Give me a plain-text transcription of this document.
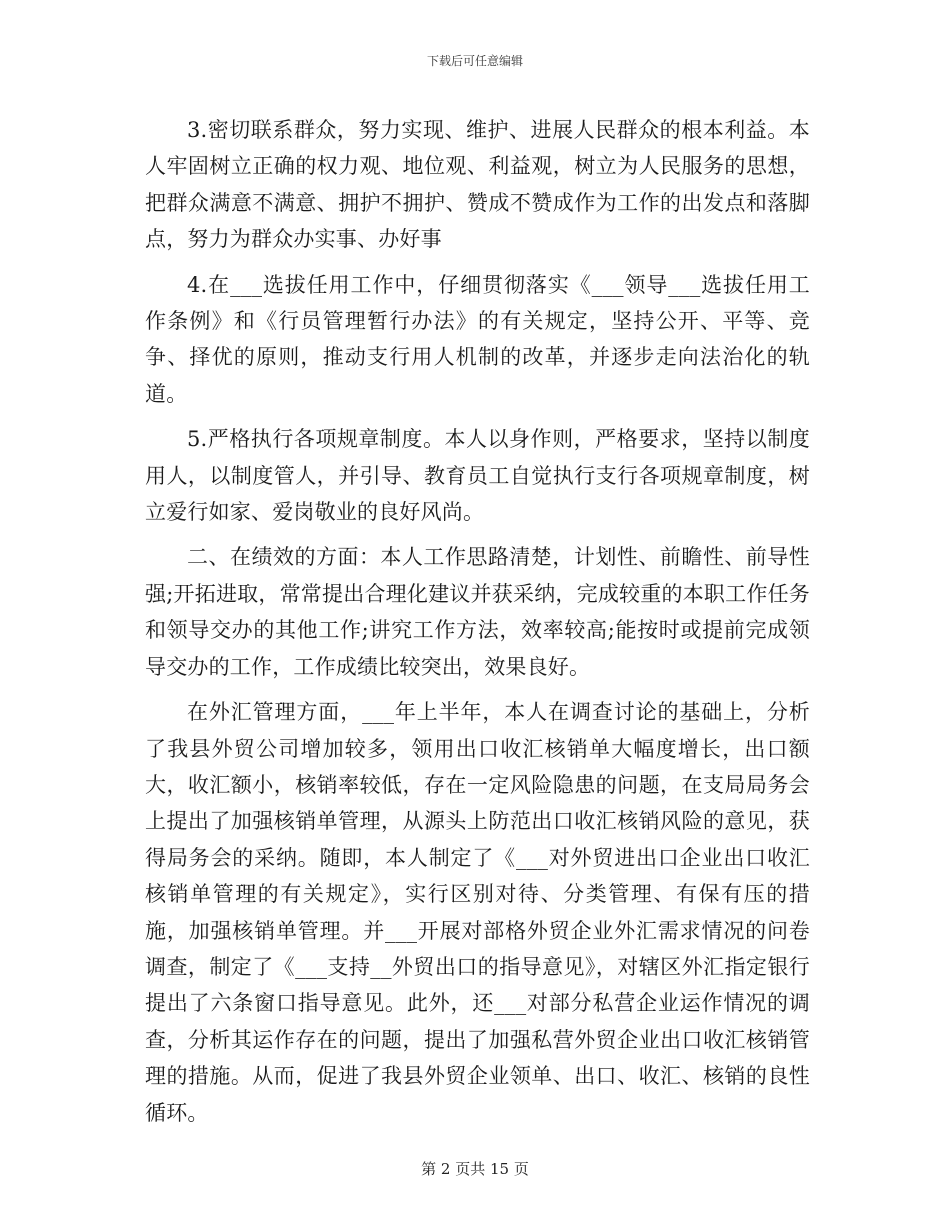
下载后可任意编辑

3.密切联系群众，努力实现、维护、进展人民群众的根本利益。本人牢固树立正确的权力观、地位观、利益观，树立为人民服务的思想，把群众满意不满意、拥护不拥护、赞成不赞成作为工作的出发点和落脚点，努力为群众办实事、办好事

4.在___选拔任用工作中，仔细贯彻落实《___领导___选拔任用工作条例》和《行员管理暂行办法》的有关规定，坚持公开、平等、竞争、择优的原则，推动支行用人机制的改革，并逐步走向法治化的轨道。

5.严格执行各项规章制度。本人以身作则，严格要求，坚持以制度用人，以制度管人，并引导、教育员工自觉执行支行各项规章制度，树立爱行如家、爱岗敬业的良好风尚。

二、在绩效的方面：本人工作思路清楚，计划性、前瞻性、前导性强;开拓进取，常常提出合理化建议并获采纳，完成较重的本职工作任务和领导交办的其他工作;讲究工作方法，效率较高;能按时或提前完成领导交办的工作，工作成绩比较突出，效果良好。

在外汇管理方面，___年上半年，本人在调查讨论的基础上，分析了我县外贸公司增加较多，领用出口收汇核销单大幅度增长，出口额大，收汇额小，核销率较低，存在一定风险隐患的问题，在支局局务会上提出了加强核销单管理，从源头上防范出口收汇核销风险的意见，获得局务会的采纳。随即，本人制定了《___对外贸进出口企业出口收汇核销单管理的有关规定》，实行区别对待、分类管理、有保有压的措施，加强核销单管理。并___开展对部格外贸企业外汇需求情况的问卷调查，制定了《___支持__外贸出口的指导意见》，对辖区外汇指定银行提出了六条窗口指导意见。此外，还___对部分私营企业运作情况的调查，分析其运作存在的问题，提出了加强私营外贸企业出口收汇核销管理的措施。从而，促进了我县外贸企业领单、出口、收汇、核销的良性循环。

第 2 页共 15 页
